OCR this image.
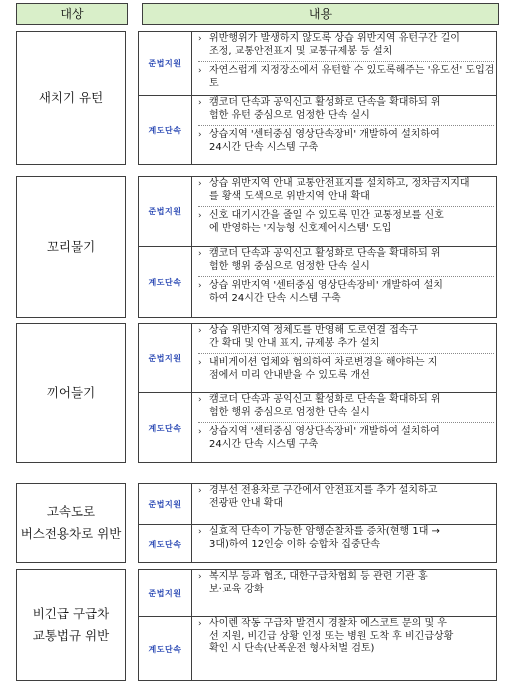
대상	내용
새치기 유턴
준법지원
› 위반행위가 발생하지 않도록 상습 위반지역 유턴구간 길이
조정, 교통안전표지 및 교통규제봉 등 설치
› 자연스럽게 지정장소에서 유턴할 수 있도록해주는 '유도선' 도입검
토
계도단속
› 캠코더 단속과 공익신고 활성화로 단속을 확대하되 위
험한 유턴 중심으로 엄정한 단속 실시
› 상습지역 '센터중심 영상단속장비' 개발하여 설치하여
24시간 단속 시스템 구축
꼬리물기
준법지원
› 상습 위반지역 안내 교통안전표지를 설치하고, 정차금지지대
를 황색 도색으로 위반지역 안내 확대
› 신호 대기시간을 줄일 수 있도록 민간 교통정보를 신호
에 반영하는 '지능형 신호제어시스템' 도입
계도단속
› 캠코더 단속과 공익신고 활성화로 단속을 확대하되 위
험한 행위 중심으로 엄정한 단속 실시
› 상습 위반지역 '센터중심 영상단속장비' 개발하여 설치
하여 24시간 단속 시스템 구축
끼어들기
준법지원
› 상습 위반지역 정체도를 반영해 도로연결 접속구
간 확대 및 안내 표지, 규제봉 추가 설치
› 내비게이션 업체와 협의하여 차로변경을 해야하는 지
점에서 미리 안내받을 수 있도록 개선
계도단속
› 캠코더 단속과 공익신고 활성화로 단속을 확대하되 위
험한 행위 중심으로 엄정한 단속 실시
› 상습지역 '센터중심 영상단속장비' 개발하여 설치하여
24시간 단속 시스템 구축
고속도로
버스전용차로 위반
준법지원
› 경부선 전용차로 구간에서 안전표지를 추가 설치하고
전광판 안내 확대
계도단속
› 실효적 단속이 가능한 암행순찰차를 증차(현행 1대 →
3대)하여 12인승 이하 승합차 집중단속
비긴급 구급차
교통법규 위반
준법지원
› 복지부 등과 협조, 대한구급차협회 등 관련 기관 홍
보·교육 강화
계도단속
› 사이렌 작동 구급차 발견시 경찰차 에스코트 문의 및 우
선 지원, 비긴급 상황 인정 또는 병원 도착 후 비긴급상황
확인 시 단속(난폭운전 형사처벌 검토)
